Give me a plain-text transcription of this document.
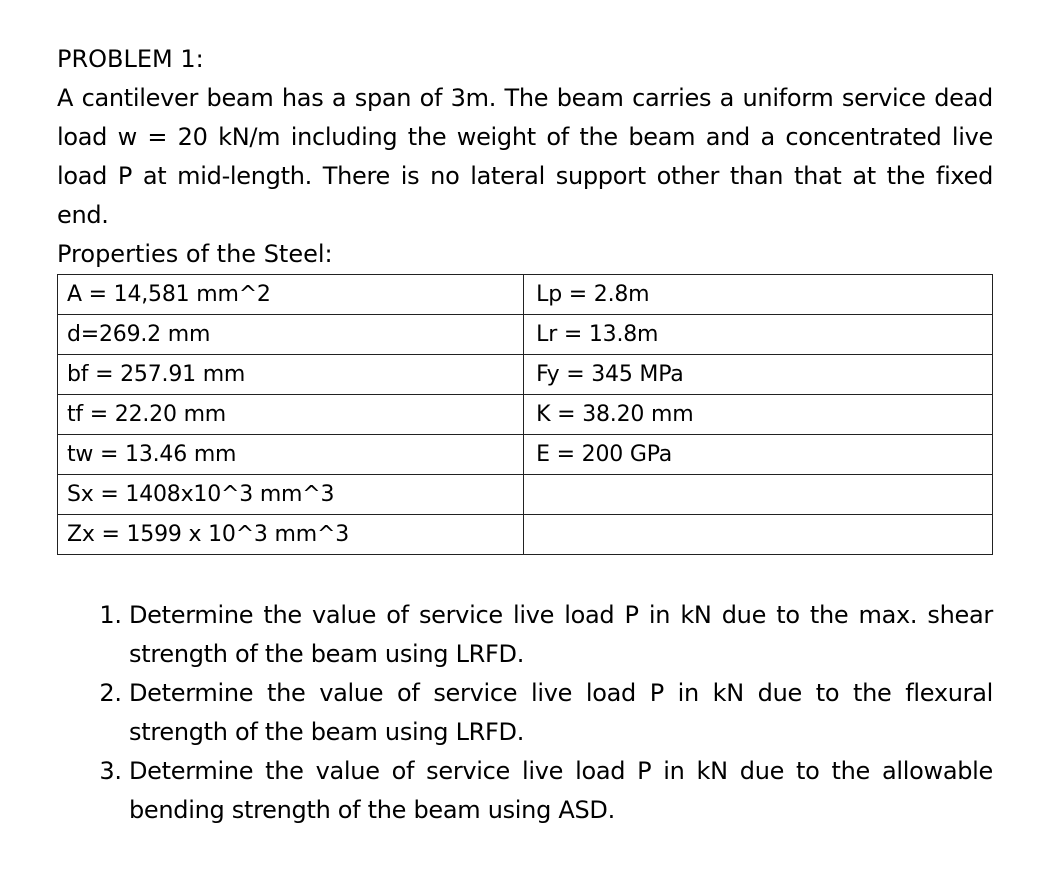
PROBLEM 1:

A cantilever beam has a span of 3m. The beam carries a uniform service dead load w = 20 kN/m including the weight of the beam and a concentrated live load P at mid-length. There is no lateral support other than that at the fixed end.

Properties of the Steel:

A = 14,581 mm^2	Lp = 2.8m
d=269.2 mm	Lr = 13.8m
bf = 257.91 mm	Fy = 345 MPa
tf = 22.20 mm	K = 38.20 mm
tw = 13.46 mm	E = 200 GPa
Sx = 1408x10^3 mm^3	
Zx = 1599 x 10^3 mm^3	
1. Determine the value of service live load P in kN due to the max. shear strength of the beam using LRFD.
2. Determine the value of service live load P in kN due to the flexural strength of the beam using LRFD.
3. Determine the value of service live load P in kN due to the allowable bending strength of the beam using ASD.
